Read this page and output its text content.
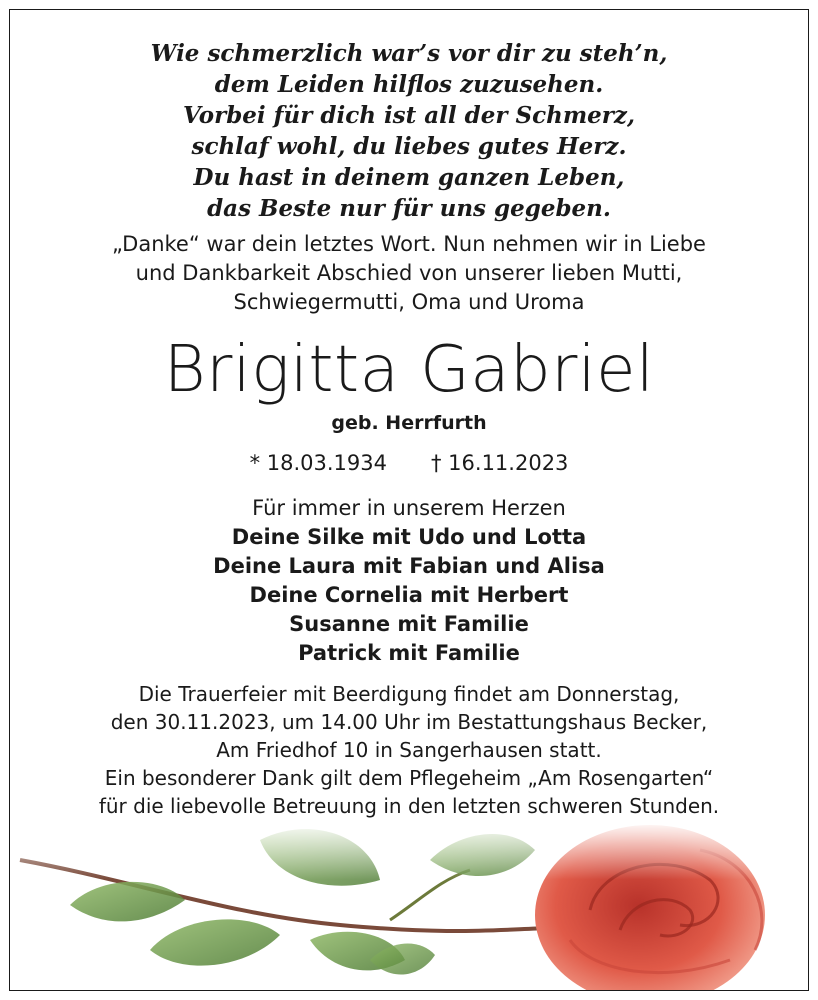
Wie schmerzlich war’s vor dir zu steh’n,
dem Leiden hilflos zuzusehen.
Vorbei für dich ist all der Schmerz,
schlaf wohl, du liebes gutes Herz.
Du hast in deinem ganzen Leben,
das Beste nur für uns gegeben.
„Danke“ war dein letztes Wort. Nun nehmen wir in Liebe
und Dankbarkeit Abschied von unserer lieben Mutti,
Schwiegermutti, Oma und Uroma
Brigitta Gabriel
geb. Herrfurth
* 18.03.1934 † 16.11.2023
Für immer in unserem Herzen
Deine Silke mit Udo und Lotta
Deine Laura mit Fabian und Alisa
Deine Cornelia mit Herbert
Susanne mit Familie
Patrick mit Familie
Die Trauerfeier mit Beerdigung findet am Donnerstag,
den 30.11.2023, um 14.00 Uhr im Bestattungshaus Becker,
Am Friedhof 10 in Sangerhausen statt.
Ein besonderer Dank gilt dem Pflegeheim „Am Rosengarten“
für die liebevolle Betreuung in den letzten schweren Stunden.
